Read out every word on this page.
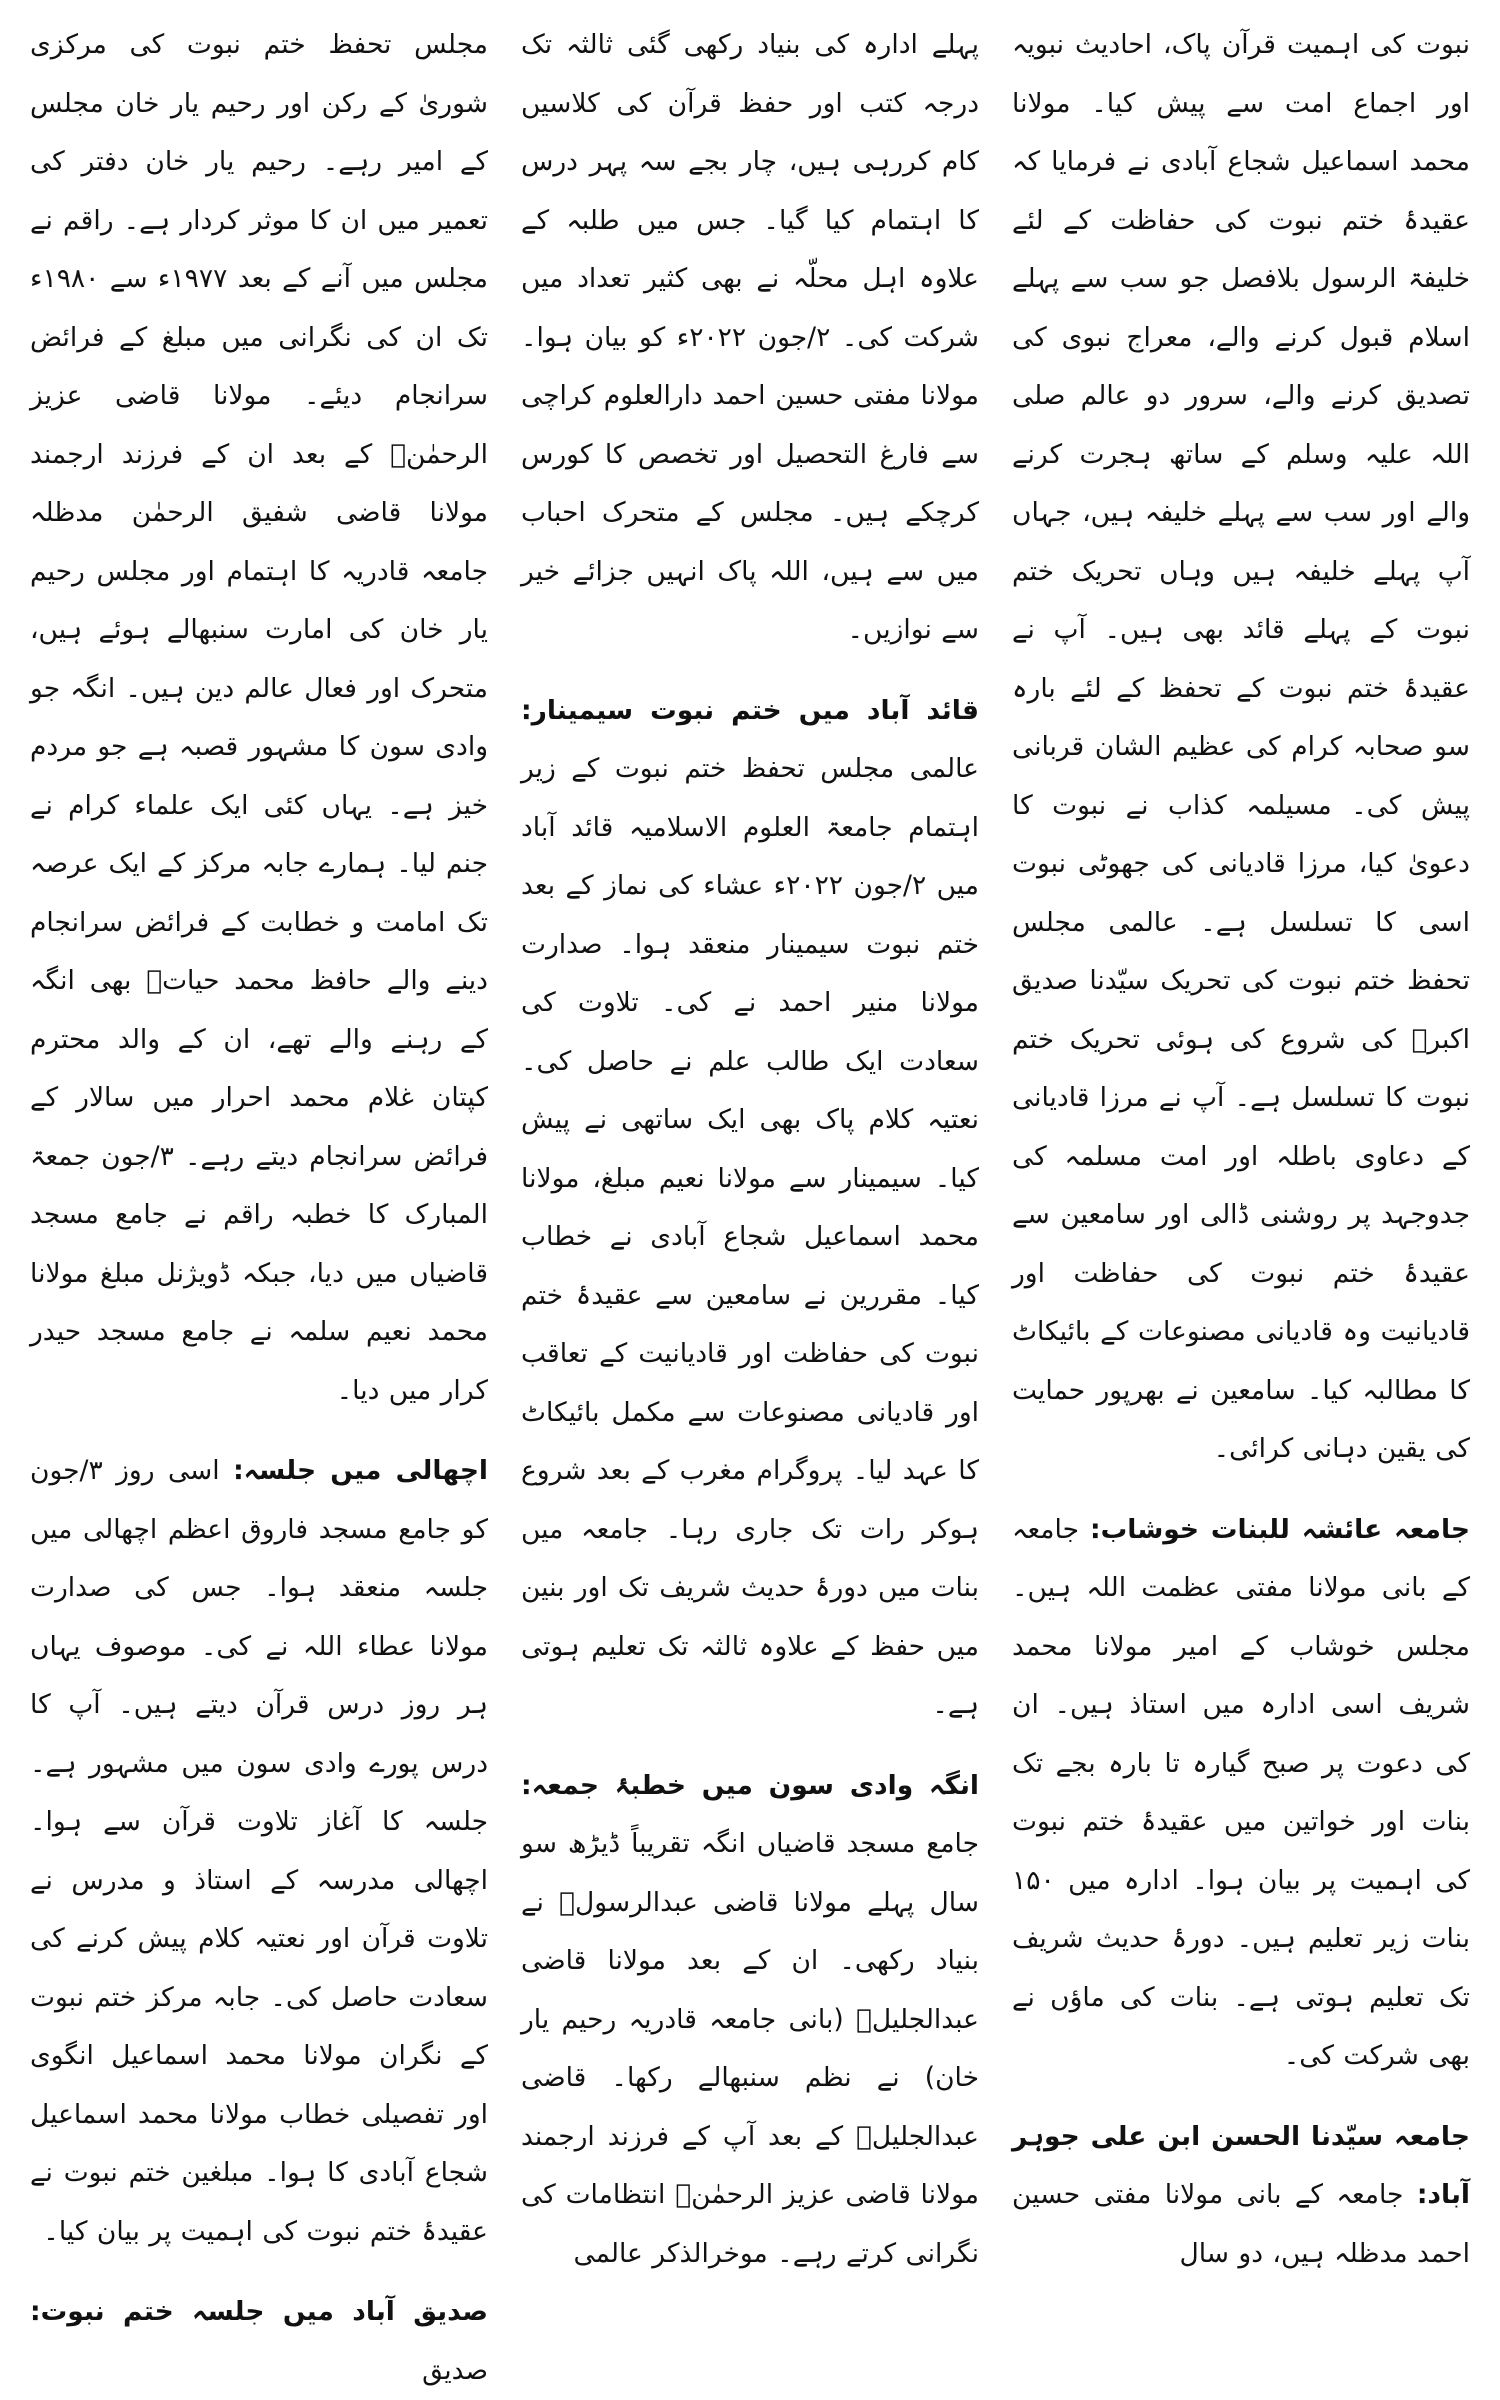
نبوت کی اہمیت قرآن پاک، احادیث نبویہ اور اجماع امت سے پیش کیا۔ مولانا محمد اسماعیل شجاع آبادی نے فرمایا کہ عقیدۂ ختم نبوت کی حفاظت کے لئے خلیفۃ الرسول بلافصل جو سب سے پہلے اسلام قبول کرنے والے، معراج نبوی کی تصدیق کرنے والے، سرور دو عالم صلی اللہ علیہ وسلم کے ساتھ ہجرت کرنے والے اور سب سے پہلے خلیفہ ہیں، جہاں آپ پہلے خلیفہ ہیں وہاں تحریک ختم نبوت کے پہلے قائد بھی ہیں۔ آپ نے عقیدۂ ختم نبوت کے تحفظ کے لئے بارہ سو صحابہ کرام کی عظیم الشان قربانی پیش کی۔ مسیلمہ کذاب نے نبوت کا دعویٰ کیا، مرزا قادیانی کی جھوٹی نبوت اسی کا تسلسل ہے۔ عالمی مجلس تحفظ ختم نبوت کی تحریک سیّدنا صدیق اکبرؓ کی شروع کی ہوئی تحریک ختم نبوت کا تسلسل ہے۔ آپ نے مرزا قادیانی کے دعاوی باطلہ اور امت مسلمہ کی جدوجہد پر روشنی ڈالی اور سامعین سے عقیدۂ ختم نبوت کی حفاظت اور قادیانیت وہ قادیانی مصنوعات کے بائیکاٹ کا مطالبہ کیا۔ سامعین نے بھرپور حمایت کی یقین دہانی کرائی۔

جامعہ عائشہ للبنات خوشاب: جامعہ کے بانی مولانا مفتی عظمت اللہ ہیں۔ مجلس خوشاب کے امیر مولانا محمد شریف اسی ادارہ میں استاذ ہیں۔ ان کی دعوت پر صبح گیارہ تا بارہ بجے تک بنات اور خواتین میں عقیدۂ ختم نبوت کی اہمیت پر بیان ہوا۔ ادارہ میں ۱۵۰ بنات زیر تعلیم ہیں۔ دورۂ حدیث شریف تک تعلیم ہوتی ہے۔ بنات کی ماؤں نے بھی شرکت کی۔

جامعہ سیّدنا الحسن ابن علی جوہر آباد: جامعہ کے بانی مولانا مفتی حسین احمد مدظلہ ہیں، دو سال

پہلے ادارہ کی بنیاد رکھی گئی ثالثہ تک درجہ کتب اور حفظ قرآن کی کلاسیں کام کررہی ہیں، چار بجے سہ پہر درس کا اہتمام کیا گیا۔ جس میں طلبہ کے علاوہ اہل محلّہ نے بھی کثیر تعداد میں شرکت کی۔ ۲/جون ۲۰۲۲ء کو بیان ہوا۔ مولانا مفتی حسین احمد دارالعلوم کراچی سے فارغ التحصیل اور تخصص کا کورس کرچکے ہیں۔ مجلس کے متحرک احباب میں سے ہیں، اللہ پاک انہیں جزائے خیر سے نوازیں۔

قائد آباد میں ختم نبوت سیمینار: عالمی مجلس تحفظ ختم نبوت کے زیر اہتمام جامعۃ العلوم الاسلامیہ قائد آباد میں ۲/جون ۲۰۲۲ء عشاء کی نماز کے بعد ختم نبوت سیمینار منعقد ہوا۔ صدارت مولانا منیر احمد نے کی۔ تلاوت کی سعادت ایک طالب علم نے حاصل کی۔ نعتیہ کلام پاک بھی ایک ساتھی نے پیش کیا۔ سیمینار سے مولانا نعیم مبلغ، مولانا محمد اسماعیل شجاع آبادی نے خطاب کیا۔ مقررین نے سامعین سے عقیدۂ ختم نبوت کی حفاظت اور قادیانیت کے تعاقب اور قادیانی مصنوعات سے مکمل بائیکاٹ کا عہد لیا۔ پروگرام مغرب کے بعد شروع ہوکر رات تک جاری رہا۔ جامعہ میں بنات میں دورۂ حدیث شریف تک اور بنین میں حفظ کے علاوہ ثالثہ تک تعلیم ہوتی ہے۔

انگہ وادی سون میں خطبۂ جمعہ: جامع مسجد قاضیاں انگہ تقریباً ڈیڑھ سو سال پہلے مولانا قاضی عبدالرسولؒ نے بنیاد رکھی۔ ان کے بعد مولانا قاضی عبدالجلیلؒ (بانی جامعہ قادریہ رحیم یار خان) نے نظم سنبھالے رکھا۔ قاضی عبدالجلیلؒ کے بعد آپ کے فرزند ارجمند مولانا قاضی عزیز الرحمٰنؒ انتظامات کی نگرانی کرتے رہے۔ موخرالذکر عالمی

مجلس تحفظ ختم نبوت کی مرکزی شوریٰ کے رکن اور رحیم یار خان مجلس کے امیر رہے۔ رحیم یار خان دفتر کی تعمیر میں ان کا موثر کردار ہے۔ راقم نے مجلس میں آنے کے بعد ۱۹۷۷ء سے ۱۹۸۰ء تک ان کی نگرانی میں مبلغ کے فرائض سرانجام دیئے۔ مولانا قاضی عزیز الرحمٰنؒ کے بعد ان کے فرزند ارجمند مولانا قاضی شفیق الرحمٰن مدظلہ جامعہ قادریہ کا اہتمام اور مجلس رحیم یار خان کی امارت سنبھالے ہوئے ہیں، متحرک اور فعال عالم دین ہیں۔ انگہ جو وادی سون کا مشہور قصبہ ہے جو مردم خیز ہے۔ یہاں کئی ایک علماء کرام نے جنم لیا۔ ہمارے جابہ مرکز کے ایک عرصہ تک امامت و خطابت کے فرائض سرانجام دینے والے حافظ محمد حیاتؒ بھی انگہ کے رہنے والے تھے، ان کے والد محترم کپتان غلام محمد احرار میں سالار کے فرائض سرانجام دیتے رہے۔ ۳/جون جمعۃ المبارک کا خطبہ راقم نے جامع مسجد قاضیاں میں دیا، جبکہ ڈویژنل مبلغ مولانا محمد نعیم سلمہ نے جامع مسجد حیدر کرار میں دیا۔

اچھالی میں جلسہ: اسی روز ۳/جون کو جامع مسجد فاروق اعظم اچھالی میں جلسہ منعقد ہوا۔ جس کی صدارت مولانا عطاء اللہ نے کی۔ موصوف یہاں ہر روز درس قرآن دیتے ہیں۔ آپ کا درس پورے وادی سون میں مشہور ہے۔ جلسہ کا آغاز تلاوت قرآن سے ہوا۔ اچھالی مدرسہ کے استاذ و مدرس نے تلاوت قرآن اور نعتیہ کلام پیش کرنے کی سعادت حاصل کی۔ جابہ مرکز ختم نبوت کے نگران مولانا محمد اسماعیل انگوی اور تفصیلی خطاب مولانا محمد اسماعیل شجاع آبادی کا ہوا۔ مبلغین ختم نبوت نے عقیدۂ ختم نبوت کی اہمیت پر بیان کیا۔

صدیق آباد میں جلسہ ختم نبوت: صدیق
